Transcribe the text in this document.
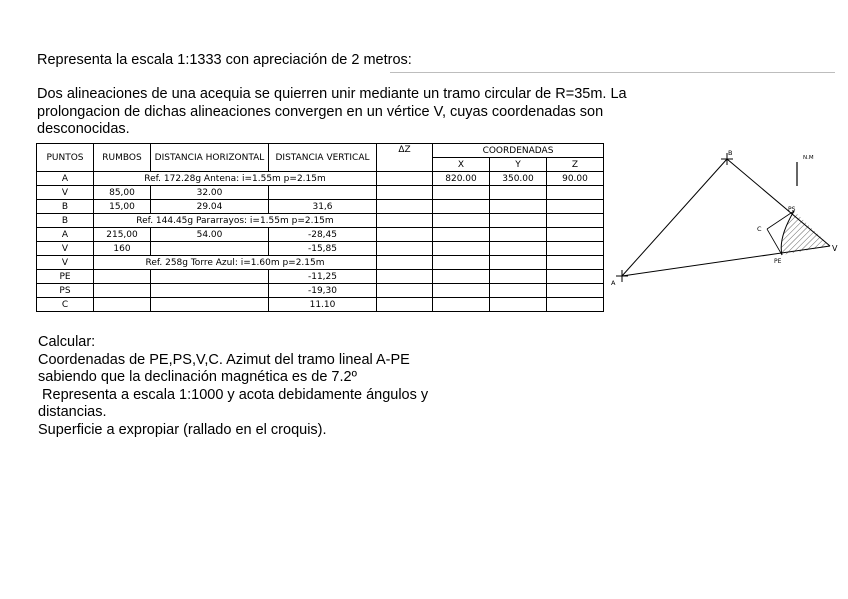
Representa la escala 1:1333 con apreciación de 2 metros:
Dos alineaciones de una acequia se quierren unir mediante un tramo circular de R=35m. La
prolongacion de dichas alineaciones convergen en un vértice V, cuyas coordenadas son
desconocidas.
PUNTOS	RUMBOS	DISTANCIA HORIZONTAL	DISTANCIA VERTICAL	ΔZ	COORDENADAS		
					X	Y	Z
A	Ref. 172.28g Antena: i=1.55m p=2.15m				820.00	350.00	90.00
V	85,00	32.00					
B	15,00	29.04	31,6				
B	Ref. 144.45g Pararrayos: i=1.55m p=2.15m						
A	215,00	54.00	-28,45				
V	160		-15,85				
V	Ref. 258g Torre Azul: i=1.60m p=2.15m						
PE			-11,25				
PS			-19,30				
C			11.10				
N.M
A
B
C
PS
PE
V
Calcular:
Coordenadas de PE,PS,V,C. Azimut del tramo lineal A-PE
sabiendo que la declinación magnética es de 7.2º
Representa a escala 1:1000 y acota debidamente ángulos y
distancias.
Superficie a expropiar (rallado en el croquis).
